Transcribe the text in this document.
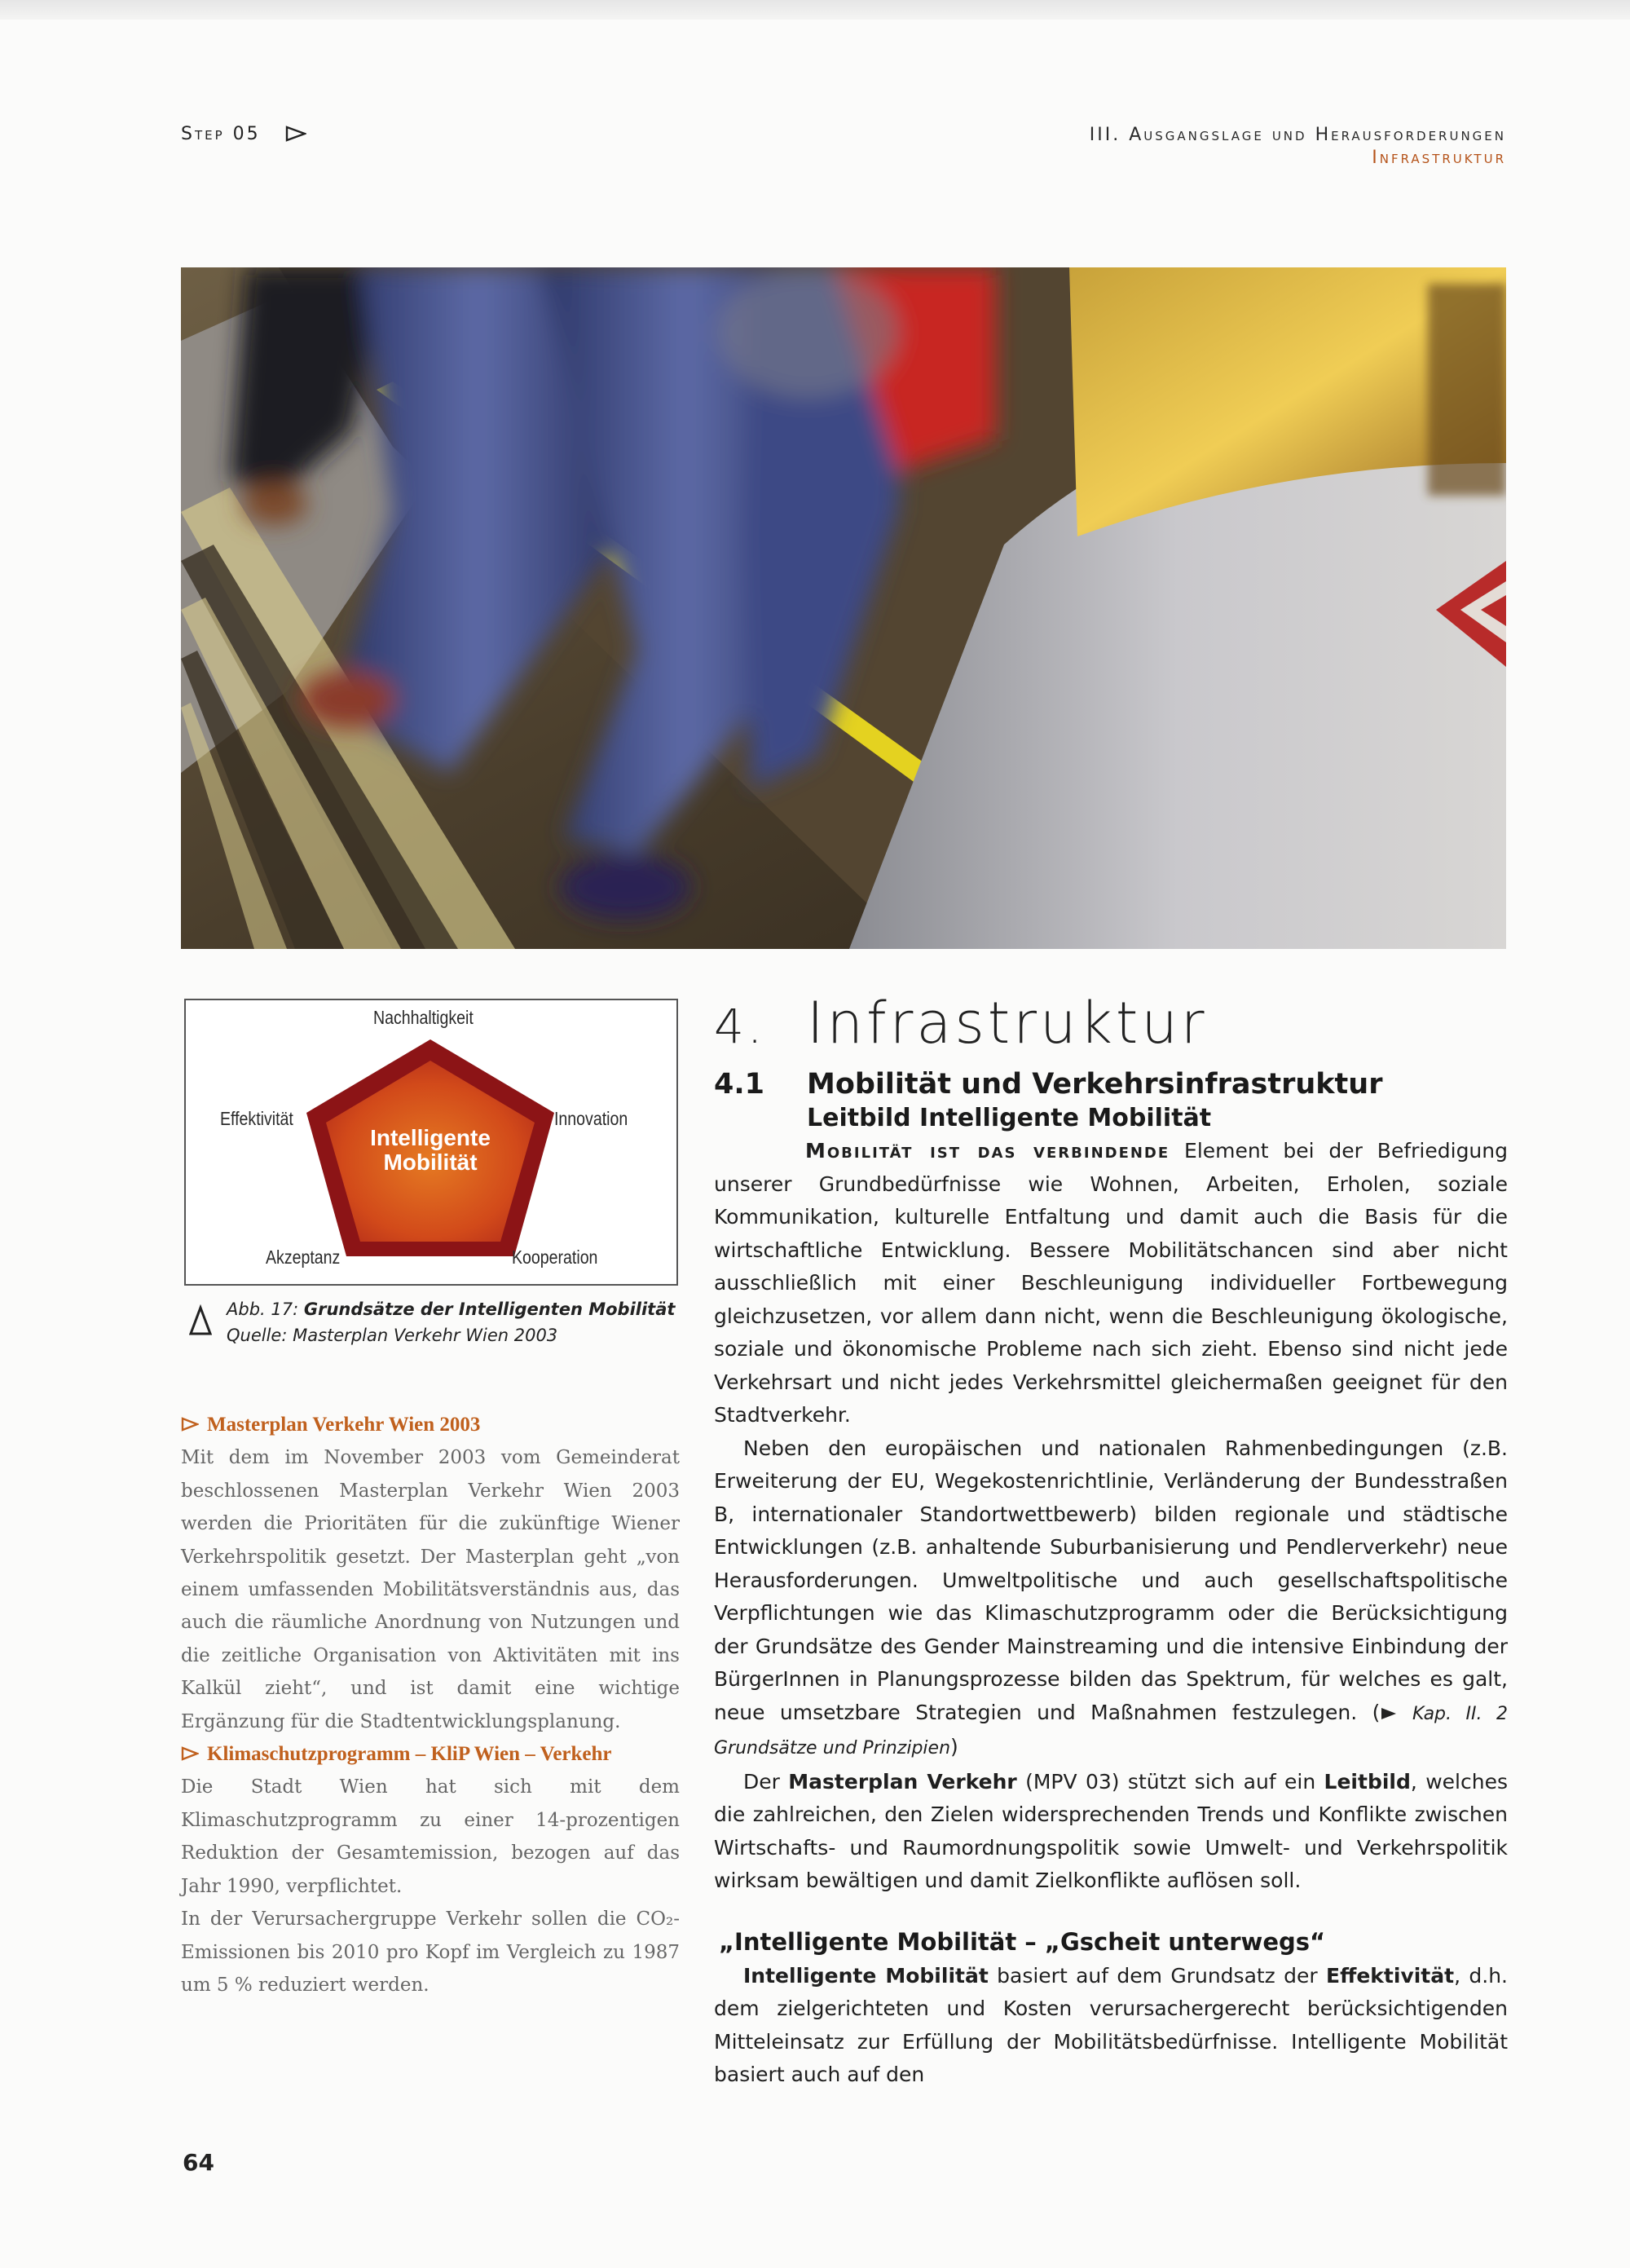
Step 05	III. Ausgangslage und Herausforderungen
Infrastruktur
Nachhaltigkeit
Effektivität	Innovation
Akzeptanz	Kooperation
Intelligente
Mobilität
Abb. 17: Grundsätze der Intelligenten Mobilität
Quelle: Masterplan Verkehr Wien 2003
Masterplan Verkehr Wien 2003

Mit dem im November 2003 vom Gemeinderat beschlossenen Masterplan Verkehr Wien 2003 werden die Prioritäten für die zukünftige Wiener Verkehrspolitik gesetzt. Der Masterplan geht „von einem umfassenden Mobilitätsverständnis aus, das auch die räumliche Anordnung von Nutzungen und die zeitliche Organisation von Aktivitäten mit ins Kalkül zieht“, und ist damit eine wichtige Ergänzung für die Stadtentwicklungsplanung.

Klimaschutzprogramm – KliP Wien – Verkehr

Die Stadt Wien hat sich mit dem Klimaschutzprogramm zu einer 14-prozentigen Reduktion der Gesamtemission, bezogen auf das Jahr 1990, verpflichtet.

In der Verursachergruppe Verkehr sollen die CO₂-Emissionen bis 2010 pro Kopf im Vergleich zu 1987 um 5 % reduziert werden.

4. Infrastruktur
4.1 Mobilität und Verkehrsinfrastruktur
Leitbild Intelligente Mobilität

Mobilität ist das verbindende Element bei der Befriedigung unserer Grundbedürfnisse wie Wohnen, Arbeiten, Erholen, soziale Kommunikation, kulturelle Entfaltung und damit auch die Basis für die wirtschaftliche Entwicklung. Bessere Mobilitätschancen sind aber nicht ausschließlich mit einer Beschleunigung individueller Fortbewegung gleichzusetzen, vor allem dann nicht, wenn die Beschleunigung ökologische, soziale und ökonomische Probleme nach sich zieht. Ebenso sind nicht jede Verkehrsart und nicht jedes Verkehrsmittel gleichermaßen geeignet für den Stadtverkehr.

Neben den europäischen und nationalen Rahmenbedingungen (z.B. Erweiterung der EU, Wegekostenrichtlinie, Verländerung der Bundesstraßen B, internationaler Standortwettbewerb) bilden regionale und städtische Entwicklungen (z.B. anhaltende Suburbanisierung und Pendlerverkehr) neue Herausforderungen. Umweltpolitische und auch gesellschaftspolitische Verpflichtungen wie das Klimaschutzprogramm oder die Berücksichtigung der Grundsätze des Gender Mainstreaming und die intensive Einbindung der BürgerInnen in Planungsprozesse bilden das Spektrum, für welches es galt, neue umsetzbare Strategien und Maßnahmen festzulegen. ( Kap. II. 2 Grundsätze und Prinzipien)

Der Masterplan Verkehr (MPV 03) stützt sich auf ein Leitbild, welches die zahlreichen, den Zielen widersprechenden Trends und Konflikte zwischen Wirtschafts- und Raumordnungspolitik sowie Umwelt- und Verkehrspolitik wirksam bewältigen und damit Zielkonflikte auflösen soll.

„Intelligente Mobilität – „Gscheit unterwegs“

Intelligente Mobilität basiert auf dem Grundsatz der Effektivität, d.h. dem zielgerichteten und Kosten verursachergerecht berücksichtigenden Mitteleinsatz zur Erfüllung der Mobilitätsbedürfnisse. Intelligente Mobilität basiert auch auf den

64
